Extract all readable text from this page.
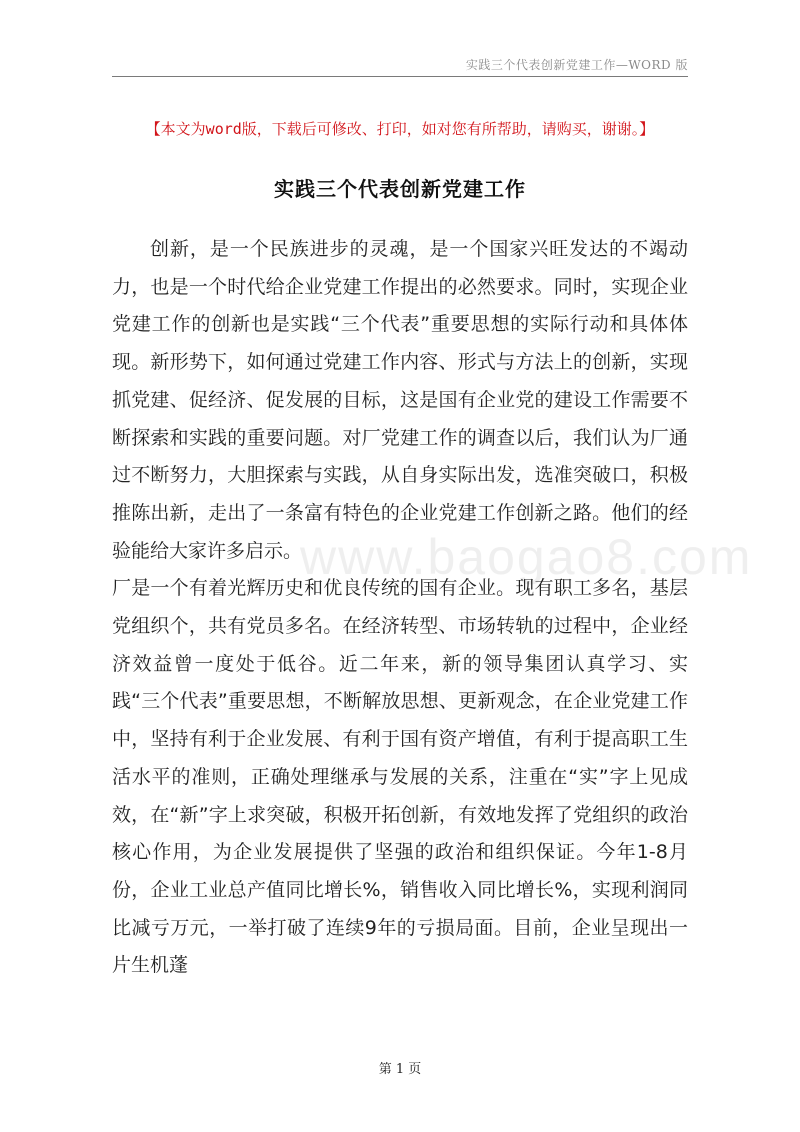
实践三个代表创新党建工作—WORD 版
【本文为word版，下载后可修改、打印，如对您有所帮助，请购买，谢谢。】
实践三个代表创新党建工作
www.baogao8.com

创新，是一个民族进步的灵魂，是一个国家兴旺发达的不竭动力，也是一个时代给企业党建工作提出的必然要求。同时，实现企业党建工作的创新也是实践“三个代表”重要思想的实际行动和具体体现。新形势下，如何通过党建工作内容、形式与方法上的创新，实现抓党建、促经济、促发展的目标，这是国有企业党的建设工作需要不断探索和实践的重要问题。对厂党建工作的调查以后，我们认为厂通过不断努力，大胆探索与实践，从自身实际出发，选准突破口，积极推陈出新，走出了一条富有特色的企业党建工作创新之路。他们的经验能给大家许多启示。

厂是一个有着光辉历史和优良传统的国有企业。现有职工多名，基层党组织个，共有党员多名。在经济转型、市场转轨的过程中，企业经济效益曾一度处于低谷。近二年来，新的领导集团认真学习、实践“三个代表”重要思想，不断解放思想、更新观念，在企业党建工作中，坚持有利于企业发展、有利于国有资产增值，有利于提高职工生活水平的准则，正确处理继承与发展的关系，注重在“实”字上见成效，在“新”字上求突破，积极开拓创新，有效地发挥了党组织的政治核心作用，为企业发展提供了坚强的政治和组织保证。今年1-8月份，企业工业总产值同比增长%，销售收入同比增长%，实现利润同比减亏万元，一举打破了连续9年的亏损局面。目前，企业呈现出一片生机蓬

第 1 页
